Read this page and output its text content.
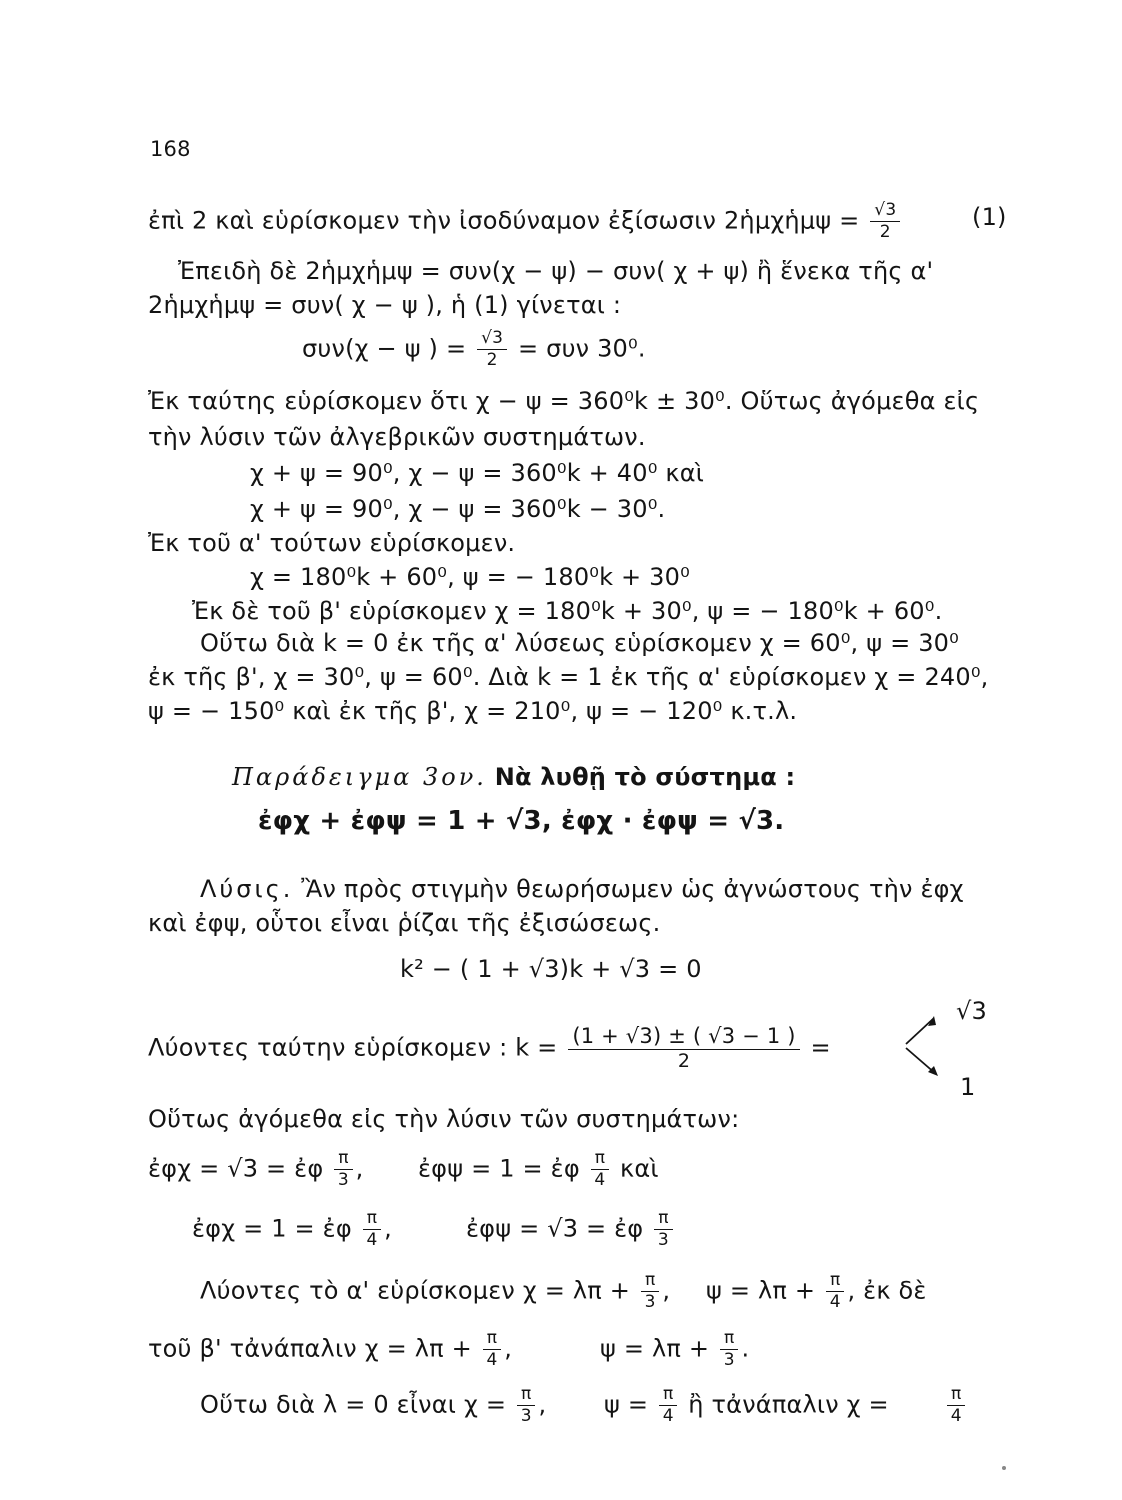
168
ἐπὶ 2 καὶ εὑρίσκομεν τὴν ἰσοδύναμον ἐξίσωσιν 2ἡμχἡμψ = $\frac{√3}{2}$	(1)
Ἐπειδὴ δὲ 2ἡμχἡμψ = συν(χ − ψ) − συν( χ + ψ) ἢ ἕνεκα τῆς α'
2ἡμχἡμψ = συν( χ − ψ ), ἡ (1) γίνεται :
συν(χ − ψ ) = $\frac{√3}{2} = \sigma\upsilon\nu$ 30⁰.
Ἐκ ταύτης εὑρίσκομεν ὅτι χ − ψ = 360⁰k ± 30⁰. Οὕτως ἀγόμεθα εἰς
τὴν λύσιν τῶν ἀλγεβρικῶν συστημάτων.
χ + ψ = 90⁰, χ − ψ = 360⁰k + 40⁰ καὶ
χ + ψ = 90⁰, χ − ψ = 360⁰k − 30⁰.
Ἐκ τοῦ α' τούτων εὑρίσκομεν.
χ = 180⁰k + 60⁰, ψ = − 180⁰k + 30⁰
Ἐκ δὲ τοῦ β' εὑρίσκομεν χ = 180⁰k + 30⁰, ψ = − 180⁰k + 60⁰.
Οὕτω διὰ k = 0 ἐκ τῆς α' λύσεως εὑρίσκομεν χ = 60⁰, ψ = 30⁰
ἐκ τῆς β', χ = 30⁰, ψ = 60⁰. Διὰ k = 1 ἐκ τῆς α' εὑρίσκομεν χ = 240⁰,
ψ = − 150⁰ καὶ ἐκ τῆς β', χ = 210⁰, ψ = − 120⁰ κ.τ.λ.
Παράδειγμα 3ον. Νὰ λυθῇ τὸ σύστημα :
ἐφχ + ἐφψ = 1 + √3, ἐφχ · ἐφψ = √3.
Λύσις. Ἂν πρὸς στιγμὴν θεωρήσωμεν ὡς ἀγνώστους τὴν ἐφχ
καὶ ἐφψ, οὗτοι εἶναι ῥίζαι τῆς ἐξισώσεως.
k² − ( 1 + √3)k + √3 = 0
Λύοντες ταύτην εὑρίσκομεν : $k = \frac{(1 + √3) \pm ( √3 - 1 )}{2}$ =
√3
1
Οὕτως ἀγόμεθα εἰς τὴν λύσιν τῶν συστημάτων:
ἐφχ = √3 = ἐφ $\frac{\pi}{3}$ , ἐφψ = 1 = ἐφ $\frac{\pi}{4}$ καὶ
ἐφχ = 1 = ἐφ $\frac{\pi}{4}$ ,	ἐφψ = √3 = ἐφ $\frac{\pi}{3}$
Λύοντες τὸ α' εὑρίσκομεν $\chi = \lambda\pi + \frac{\pi}{3}$ , $\psi = \lambda\pi + \frac{\pi}{4}$ , ἐκ δὲ
τοῦ β' τἀνάπαλιν $\chi = \lambda\pi + \frac{\pi}{4}$ ,	$\psi = \lambda\pi + \frac{\pi}{3}$ .
Οὕτω διὰ λ = 0 εἶναι $\chi = \frac{\pi}{3}$ , $\psi = \frac{\pi}{4}$ ἢ τἀνάπαλιν χ =	$\frac{\pi}{4}$
